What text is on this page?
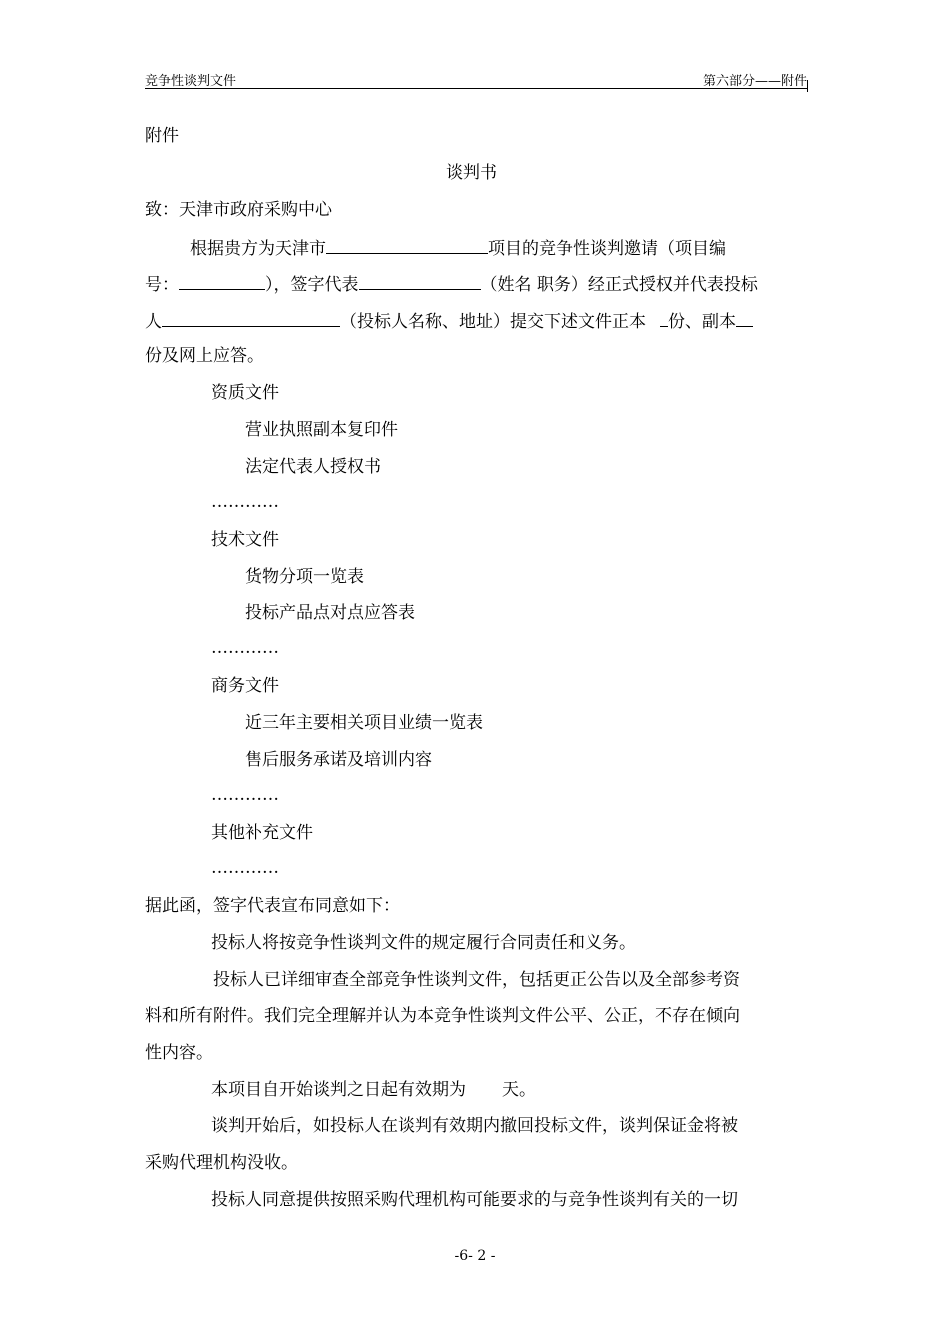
竞争性谈判文件	第六部分——附件
附件
谈判书
致：天津市政府采购中心
根据贵方为天津市	项目的竞争性谈判邀请（项目编
号：	），签字代表	（姓名 职务）经正式授权并代表投标
人	（投标人名称、地址）提交下述文件正本 份、副本
份及网上应答。
资质文件
营业执照副本复印件
法定代表人授权书
…………
技术文件
货物分项一览表
投标产品点对点应答表
…………
商务文件
近三年主要相关项目业绩一览表
售后服务承诺及培训内容
…………
其他补充文件
…………
据此函，签字代表宣布同意如下：
投标人将按竞争性谈判文件的规定履行合同责任和义务。
投标人已详细审查全部竞争性谈判文件，包括更正公告以及全部参考资
料和所有附件。我们完全理解并认为本竞争性谈判文件公平、公正，不存在倾向
性内容。
本项目自开始谈判之日起有效期为 天。
谈判开始后，如投标人在谈判有效期内撤回投标文件，谈判保证金将被
采购代理机构没收。
投标人同意提供按照采购代理机构可能要求的与竞争性谈判有关的一切
-6- 2 -
